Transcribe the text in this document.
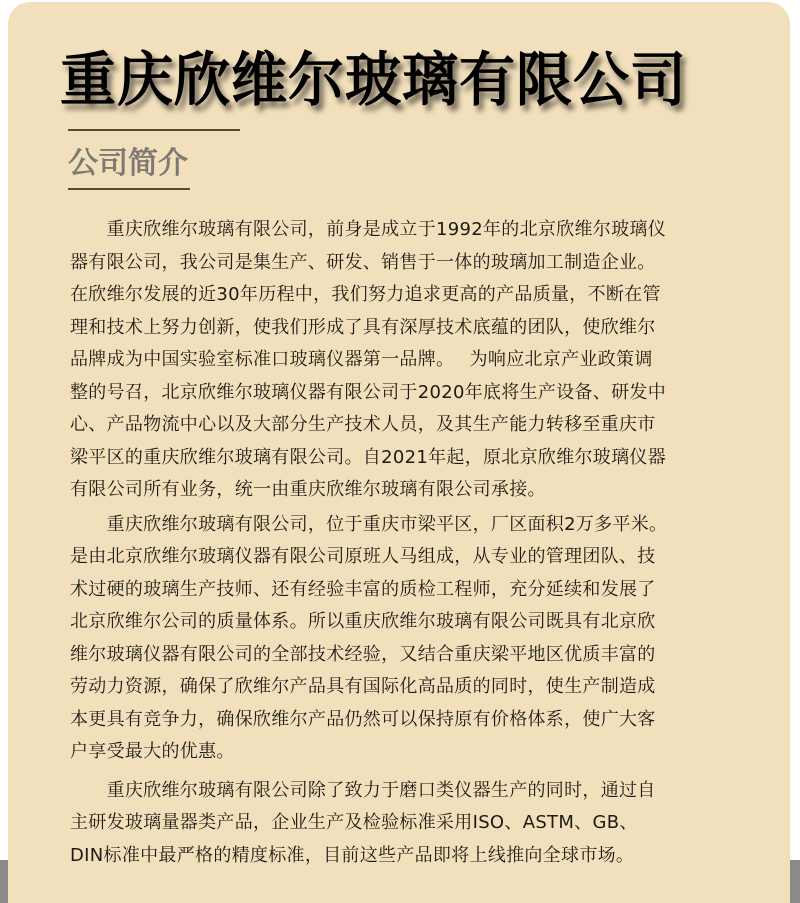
重庆欣维尔玻璃有限公司
公司简介
　　重庆欣维尔玻璃有限公司，前身是成立于1992年的北京欣维尔玻璃仪
器有限公司，我公司是集生产、研发、销售于一体的玻璃加工制造企业。
在欣维尔发展的近30年历程中，我们努力追求更高的产品质量，不断在管
理和技术上努力创新，使我们形成了具有深厚技术底蕴的团队，使欣维尔
品牌成为中国实验室标准口玻璃仪器第一品牌。　 为响应北京产业政策调
整的号召，北京欣维尔玻璃仪器有限公司于2020年底将生产设备、研发中
心、产品物流中心以及大部分生产技术人员，及其生产能力转移至重庆市
梁平区的重庆欣维尔玻璃有限公司。自2021年起，原北京欣维尔玻璃仪器
有限公司所有业务，统一由重庆欣维尔玻璃有限公司承接。
　　重庆欣维尔玻璃有限公司，位于重庆市梁平区，厂区面积2万多平米。
是由北京欣维尔玻璃仪器有限公司原班人马组成，从专业的管理团队、技
术过硬的玻璃生产技师、还有经验丰富的质检工程师，充分延续和发展了
北京欣维尔公司的质量体系。所以重庆欣维尔玻璃有限公司既具有北京欣
维尔玻璃仪器有限公司的全部技术经验，又结合重庆梁平地区优质丰富的
劳动力资源，确保了欣维尔产品具有国际化高品质的同时，使生产制造成
本更具有竞争力，确保欣维尔产品仍然可以保持原有价格体系，使广大客
户享受最大的优惠。
　　重庆欣维尔玻璃有限公司除了致力于磨口类仪器生产的同时，通过自
主研发玻璃量器类产品，企业生产及检验标准采用ISO、ASTM、GB、
DIN标准中最严格的精度标准，目前这些产品即将上线推向全球市场。
